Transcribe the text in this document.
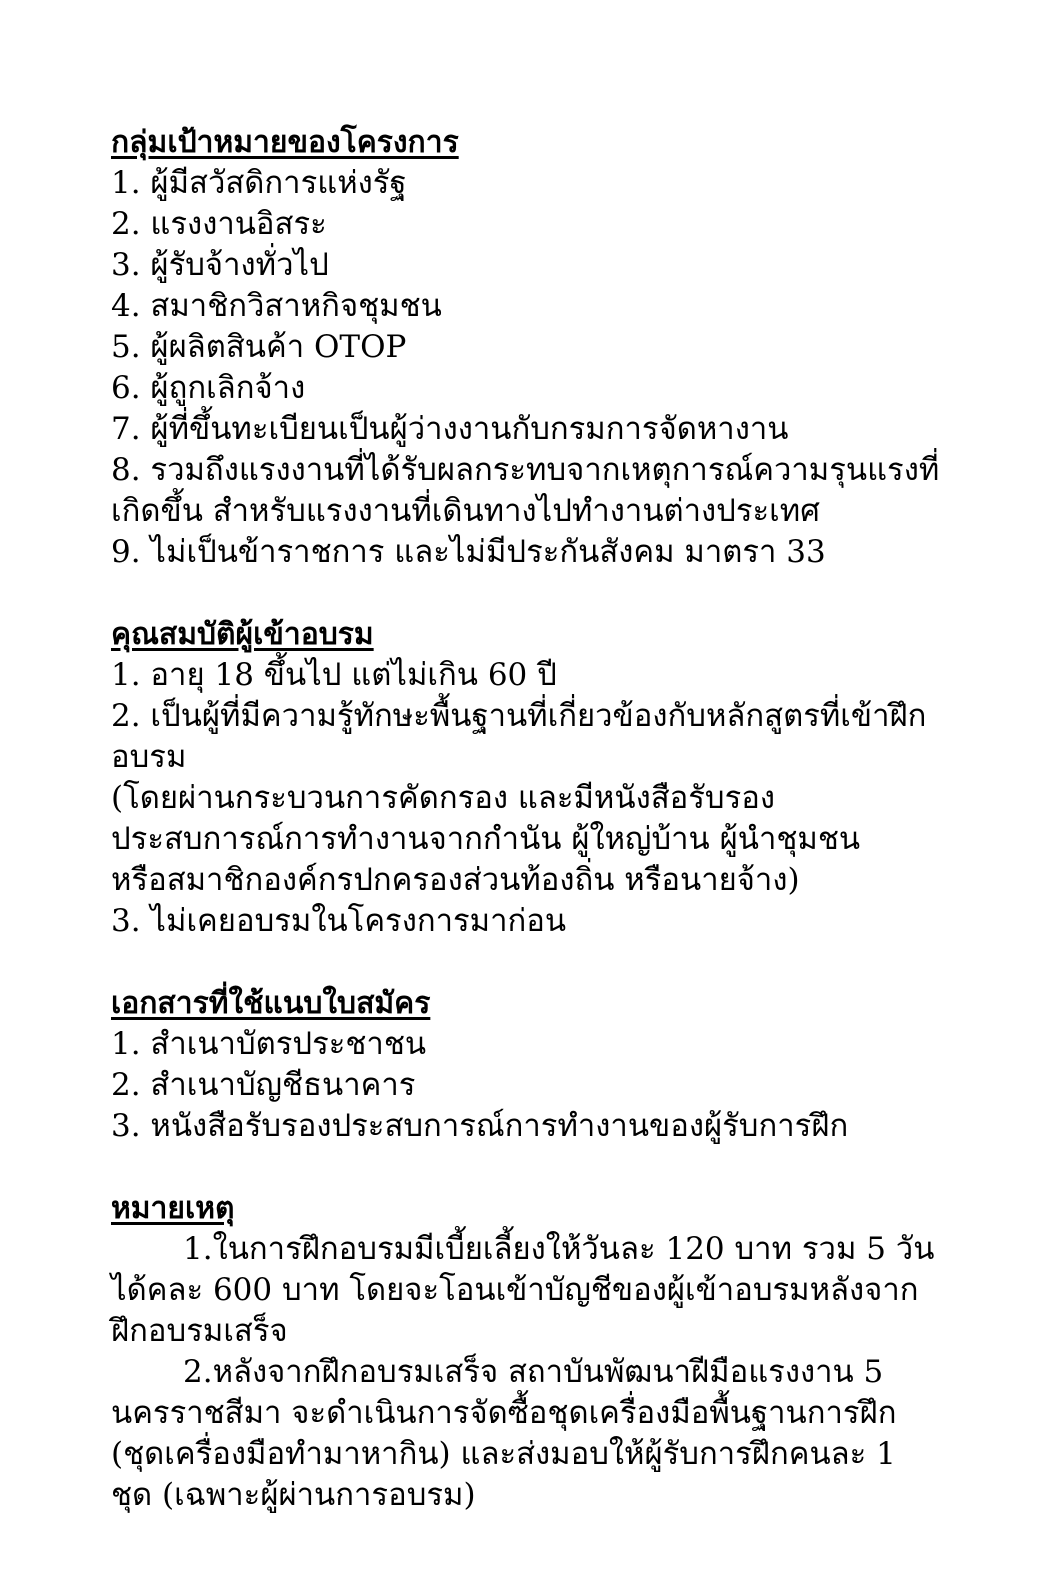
กลุ่มเป้าหมายของโครงการ
1. ผู้มีสวัสดิการแห่งรัฐ
2. แรงงานอิสระ
3. ผู้รับจ้างทั่วไป
4. สมาชิกวิสาหกิจชุมชน
5. ผู้ผลิตสินค้า OTOP
6. ผู้ถูกเลิกจ้าง
7. ผู้ที่ขึ้นทะเบียนเป็นผู้ว่างงานกับกรมการจัดหางาน
8. รวมถึงแรงงานที่ได้รับผลกระทบจากเหตุการณ์ความรุนแรงที่
เกิดขึ้น สำหรับแรงงานที่เดินทางไปทำงานต่างประเทศ
9. ไม่เป็นข้าราชการ และไม่มีประกันสังคม มาตรา 33
คุณสมบัติผู้เข้าอบรม
1. อายุ 18 ขึ้นไป แต่ไม่เกิน 60 ปี
2. เป็นผู้ที่มีความรู้ทักษะพื้นฐานที่เกี่ยวข้องกับหลักสูตรที่เข้าฝึก
อบรม
(โดยผ่านกระบวนการคัดกรอง และมีหนังสือรับรอง
ประสบการณ์การทำงานจากกำนัน ผู้ใหญ่บ้าน ผู้นำชุมชน
หรือสมาชิกองค์กรปกครองส่วนท้องถิ่น หรือนายจ้าง)
3. ไม่เคยอบรมในโครงการมาก่อน
เอกสารที่ใช้แนบใบสมัคร
1. สำเนาบัตรประชาชน
2. สำเนาบัญชีธนาคาร
3. หนังสือรับรองประสบการณ์การทำงานของผู้รับการฝึก
หมายเหตุ
1.ในการฝึกอบรมมีเบี้ยเลี้ยงให้วันละ 120 บาท รวม 5 วัน
ได้คละ 600 บาท โดยจะโอนเข้าบัญชีของผู้เข้าอบรมหลังจาก
ฝึกอบรมเสร็จ
2.หลังจากฝึกอบรมเสร็จ สถาบันพัฒนาฝีมือแรงงาน 5
นครราชสีมา จะดำเนินการจัดซื้อชุดเครื่องมือพื้นฐานการฝึก
(ชุดเครื่องมือทำมาหากิน) และส่งมอบให้ผู้รับการฝึกคนละ 1
ชุด (เฉพาะผู้ผ่านการอบรม)
